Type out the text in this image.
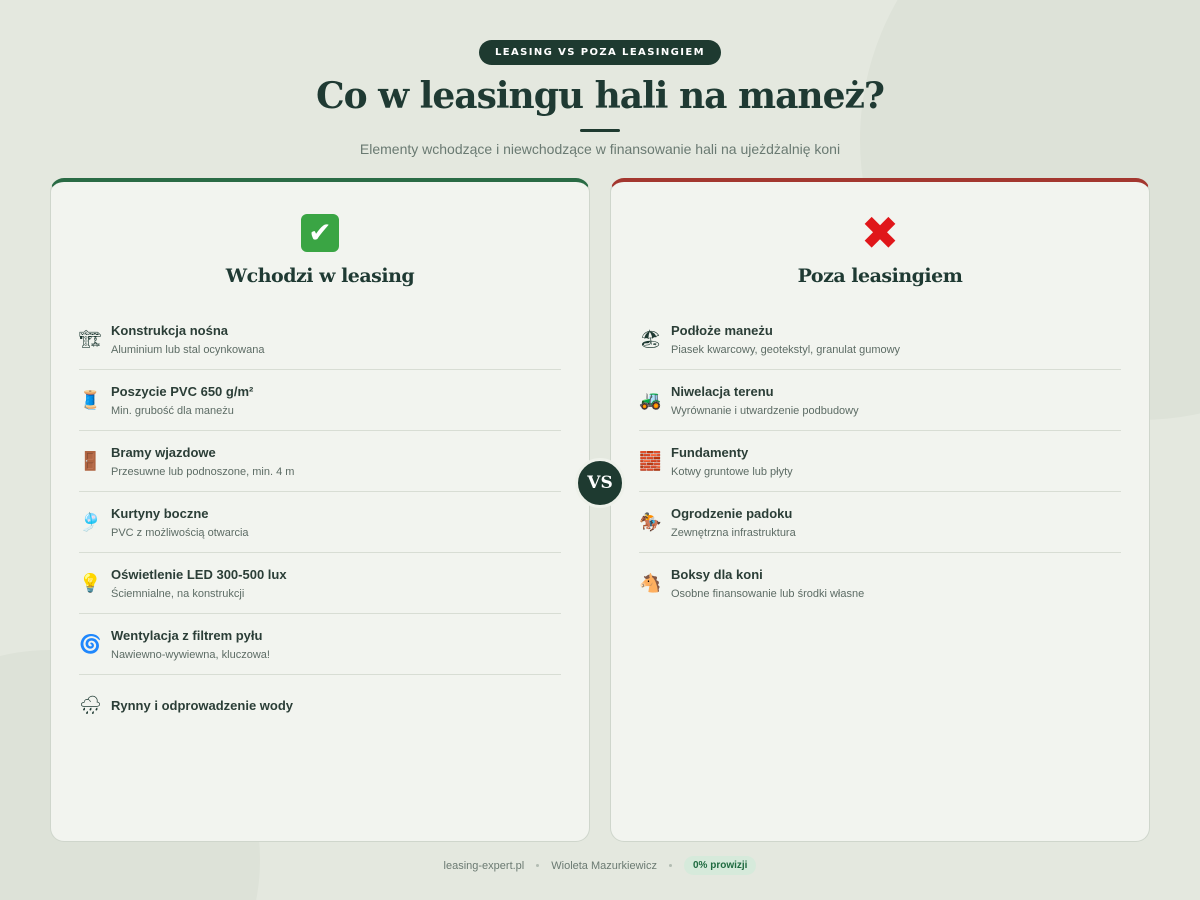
LEASING VS POZA LEASINGIEM
Co w leasingu hali na maneż?
Elementy wchodzące i niewchodzące w finansowanie hali na ujeżdżalnię koni
✔
Wchodzi w leasing
🏗 Konstrukcja nośna
Aluminium lub stal ocynkowana
🧵 Poszycie PVC 650 g/m²
Min. grubość dla maneżu
🚪 Bramy wjazdowe
Przesuwne lub podnoszone, min. 4 m
🎐 Kurtyny boczne
PVC z możliwością otwarcia
💡 Oświetlenie LED 300-500 lux
Ściemnialne, na konstrukcji
🌀 Wentylacja z filtrem pyłu
Nawiewno-wywiewna, kluczowa!
🌧 Rynny i odprowadzenie wody
VS
✖
Poza leasingiem
🏖 Podłoże maneżu
Piasek kwarcowy, geotekstyl, granulat gumowy
🚜 Niwelacja terenu
Wyrównanie i utwardzenie podbudowy
🧱 Fundamenty
Kotwy gruntowe lub płyty
🏇 Ogrodzenie padoku
Zewnętrzna infrastruktura
🐴 Boksy dla koni
Osobne finansowanie lub środki własne
leasing-expert.pl Wioleta Mazurkiewicz	0% prowizji
